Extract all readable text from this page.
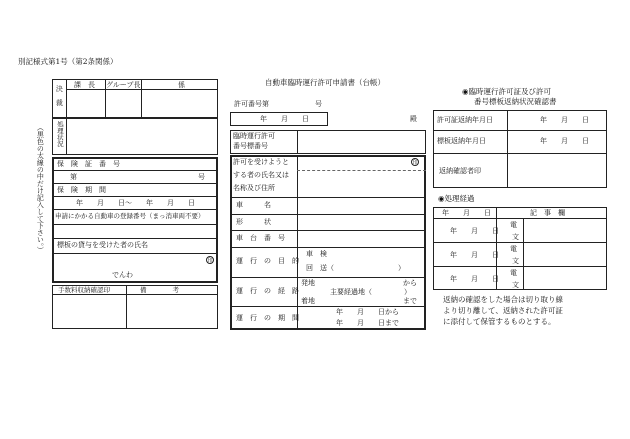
別記様式第1号（第2条関係）
決　裁 課　長 グループ長	係
処理状況
（黒色の太線の中だけ記入して下さい。） 保　険　証　番　号
第	号
保　険　期　間
年　　月　　日～　　年　　月　　日
申請にかかる自動車の登録番号（まっ消車両不要）
標板の貸与を受けた者の氏名
印
でんわ
手数料収納確認印	備　　　　考
自動車臨時運行許可申請書（台帳）
許可番号第	号
年　　月　　日	殿
臨時運行許可
番号標番号
許可を受けようと
する者の氏名又は
名称及び住所
印
車　　　名
形　　　状
車　台　番　号
運　行　の　目　的
車　検
回　送（	）
運　行　の　経　路
発地	から
主要経過地（	）
着地	まで
運　行　の　期　間
年　　月　　日から
年　　月　　日まで
◉臨時運行許可証及び許可
番号標板返納状況確認書
許可証返納年月日	年　　月　　日
標板返納年月日	年　　月　　日
返納確認者印
◉処理経過
年　　月　　日	記　事　欄
年　　月　　日
電
文
年　　月　　日
電
文
年　　月　　日
電
文
返納の確認をした場合は切り取り線
より切り離して、返納された許可証
に添付して保管するものとする。
